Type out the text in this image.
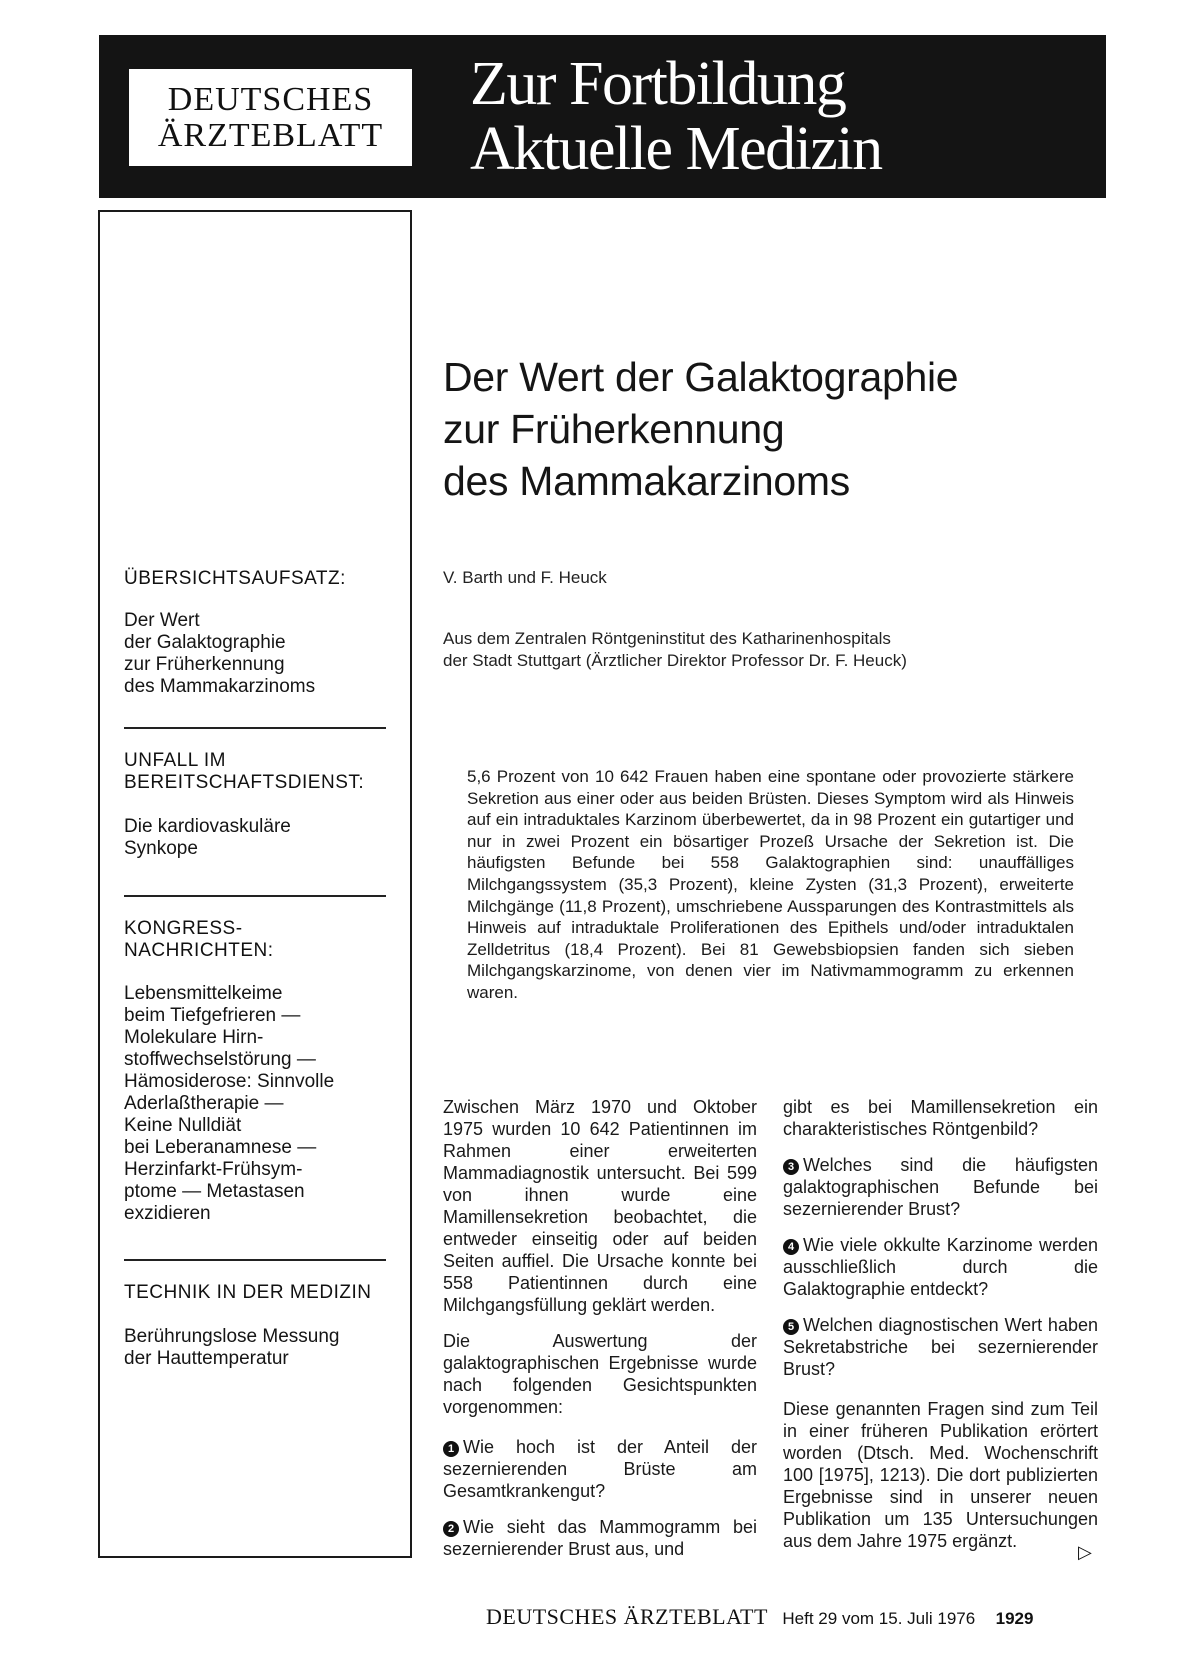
DEUTSCHES
ÄRZTEBLATT
Zur Fortbildung
Aktuelle Medizin
ÜBERSICHTSAUFSATZ:
Der Wert
der Galaktographie
zur Früherkennung
des Mammakarzinoms
UNFALL IM
BEREITSCHAFTSDIENST:
Die kardiovaskuläre
Synkope
KONGRESS-
NACHRICHTEN:
Lebensmittelkeime
beim Tiefgefrieren —
Molekulare Hirn-
stoffwechselstörung —
Hämosiderose: Sinnvolle
Aderlaßtherapie —
Keine Nulldiät
bei Leberanamnese —
Herzinfarkt-Frühsym-
ptome — Metastasen
exzidieren
TECHNIK IN DER MEDIZIN
Berührungslose Messung
der Hauttemperatur
Der Wert der Galaktographie
zur Früherkennung
des Mammakarzinoms
V. Barth und F. Heuck
Aus dem Zentralen Röntgeninstitut des Katharinenhospitals
der Stadt Stuttgart (Ärztlicher Direktor Professor Dr. F. Heuck)
5,6 Prozent von 10 642 Frauen haben eine spontane oder provozierte stärkere Sekretion aus einer oder aus beiden Brüsten. Dieses Symptom wird als Hinweis auf ein intraduktales Karzinom überbewertet, da in 98 Prozent ein gutartiger und nur in zwei Prozent ein bösartiger Prozeß Ursache der Sekretion ist. Die häufigsten Befunde bei 558 Galaktographien sind: unauffälliges Milchgangssystem (35,3 Prozent), kleine Zysten (31,3 Prozent), erweiterte Milchgänge (11,8 Prozent), umschriebene Aussparungen des Kontrastmittels als Hinweis auf intraduktale Proliferationen des Epithels und/oder intraduktalen Zelldetritus (18,4 Prozent). Bei 81 Gewebsbiopsien fanden sich sieben Milchgangskarzinome, von denen vier im Nativmammogramm zu erkennen waren.

Zwischen März 1970 und Oktober 1975 wurden 10 642 Patientinnen im Rahmen einer erweiterten Mammadiagnostik untersucht. Bei 599 von ihnen wurde eine Mamillensekretion beobachtet, die entweder einseitig oder auf beiden Seiten auffiel. Die Ursache konnte bei 558 Patientinnen durch eine Milchgangsfüllung geklärt werden.

Die Auswertung der galaktographischen Ergebnisse wurde nach folgenden Gesichtspunkten vorgenommen:

1 Wie hoch ist der Anteil der sezernierenden Brüste am Gesamtkrankengut?

2 Wie sieht das Mammogramm bei sezernierender Brust aus, und

gibt es bei Mamillensekretion ein charakteristisches Röntgenbild?

3 Welches sind die häufigsten galaktographischen Befunde bei sezernierender Brust?

4 Wie viele okkulte Karzinome werden ausschließlich durch die Galaktographie entdeckt?

5 Welchen diagnostischen Wert haben Sekretabstriche bei sezernierender Brust?

Diese genannten Fragen sind zum Teil in einer früheren Publikation erörtert worden (Dtsch. Med. Wochenschrift 100 [1975], 1213). Die dort publizierten Ergebnisse sind in unserer neuen Publikation um 135 Untersuchungen aus dem Jahre 1975 ergänzt.

▷
DEUTSCHES ÄRZTEBLATT Heft 29 vom 15. Juli 1976 1929
